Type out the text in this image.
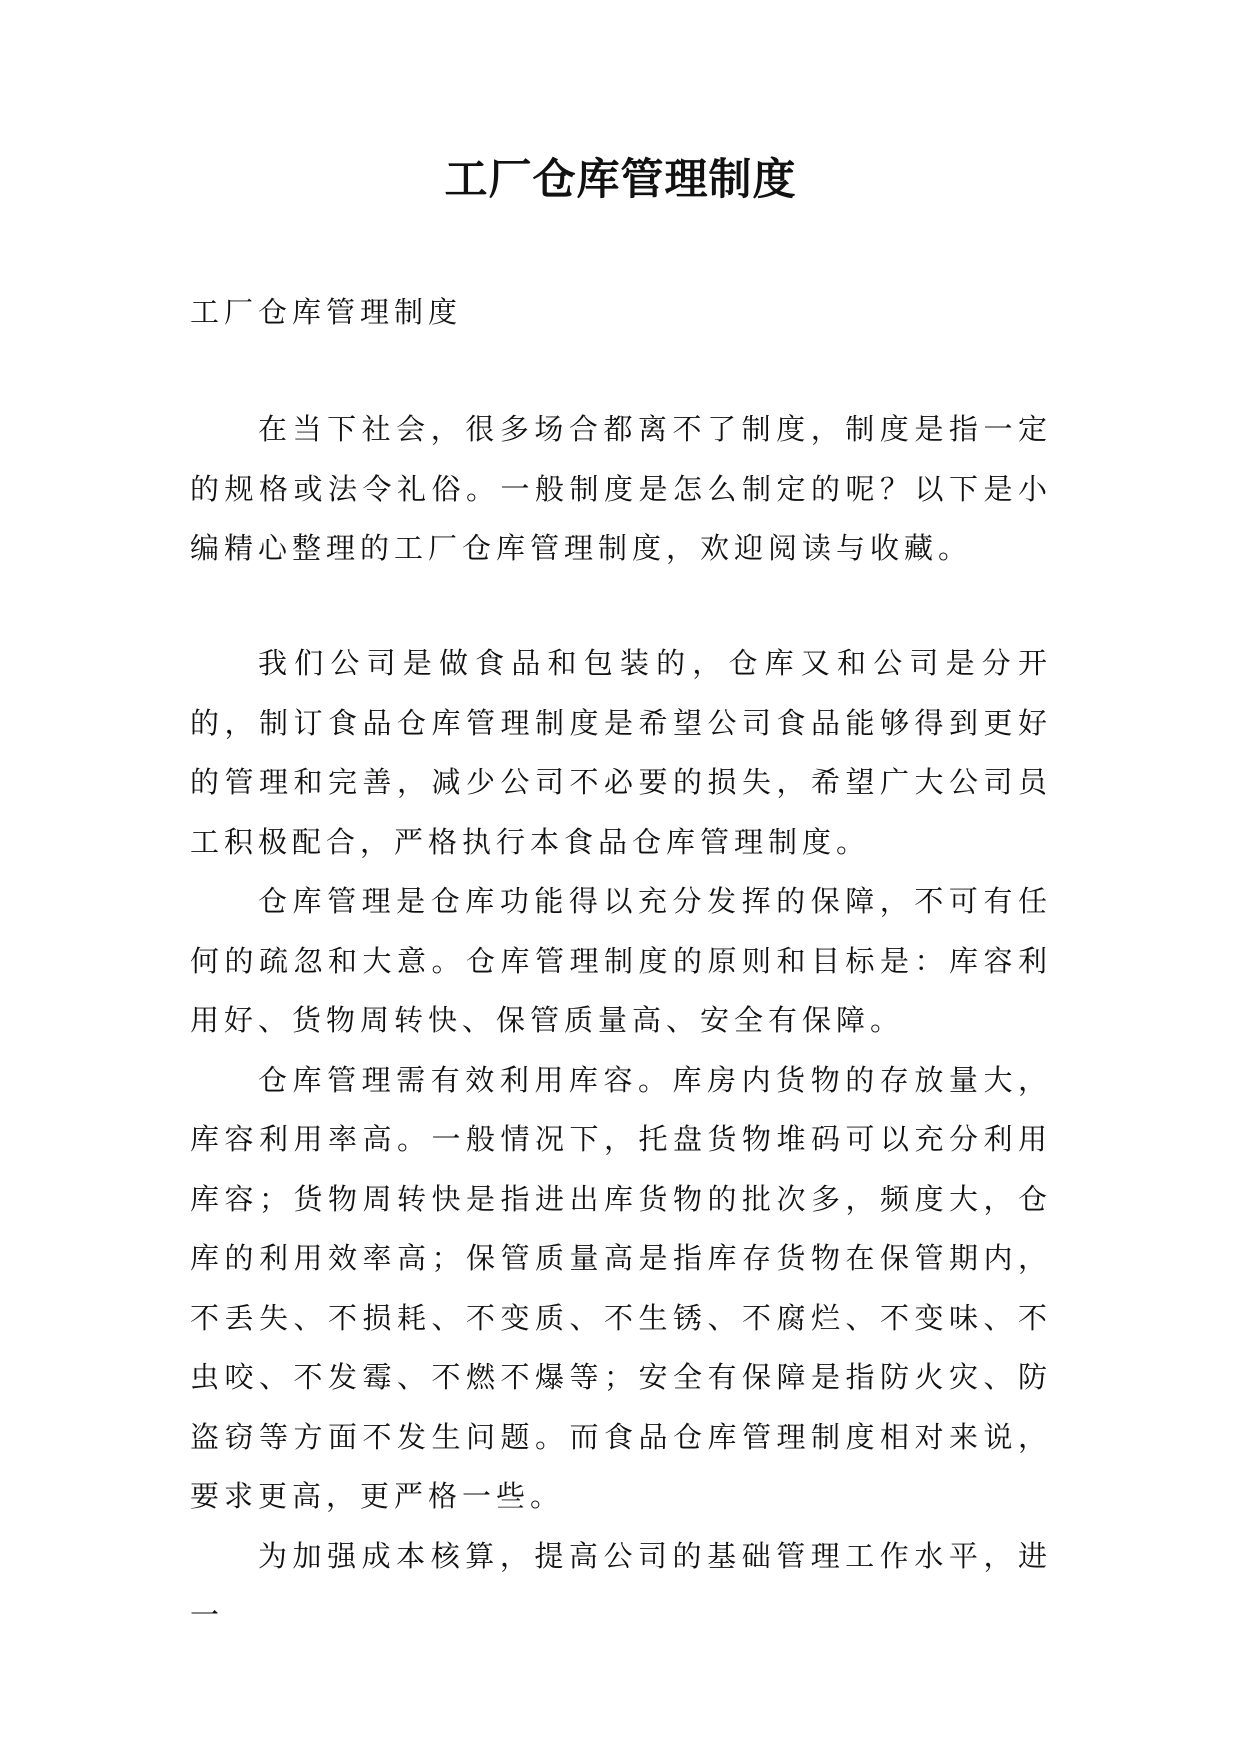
工厂仓库管理制度
工厂仓库管理制度

在当下社会，很多场合都离不了制度，制度是指一定的规格或法令礼俗。一般制度是怎么制定的呢？以下是小编精心整理的工厂仓库管理制度，欢迎阅读与收藏。

我们公司是做食品和包装的，仓库又和公司是分开的，制订食品仓库管理制度是希望公司食品能够得到更好的管理和完善，减少公司不必要的损失，希望广大公司员工积极配合，严格执行本食品仓库管理制度。

仓库管理是仓库功能得以充分发挥的保障，不可有任何的疏忽和大意。仓库管理制度的原则和目标是：库容利用好、货物周转快、保管质量高、安全有保障。

仓库管理需有效利用库容。库房内货物的存放量大，库容利用率高。一般情况下，托盘货物堆码可以充分利用库容；货物周转快是指进出库货物的批次多，频度大，仓库的利用效率高；保管质量高是指库存货物在保管期内，不丢失、不损耗、不变质、不生锈、不腐烂、不变味、不虫咬、不发霉、不燃不爆等；安全有保障是指防火灾、防盗窃等方面不发生问题。而食品仓库管理制度相对来说，要求更高，更严格一些。

为加强成本核算，提高公司的基础管理工作水平，进一
